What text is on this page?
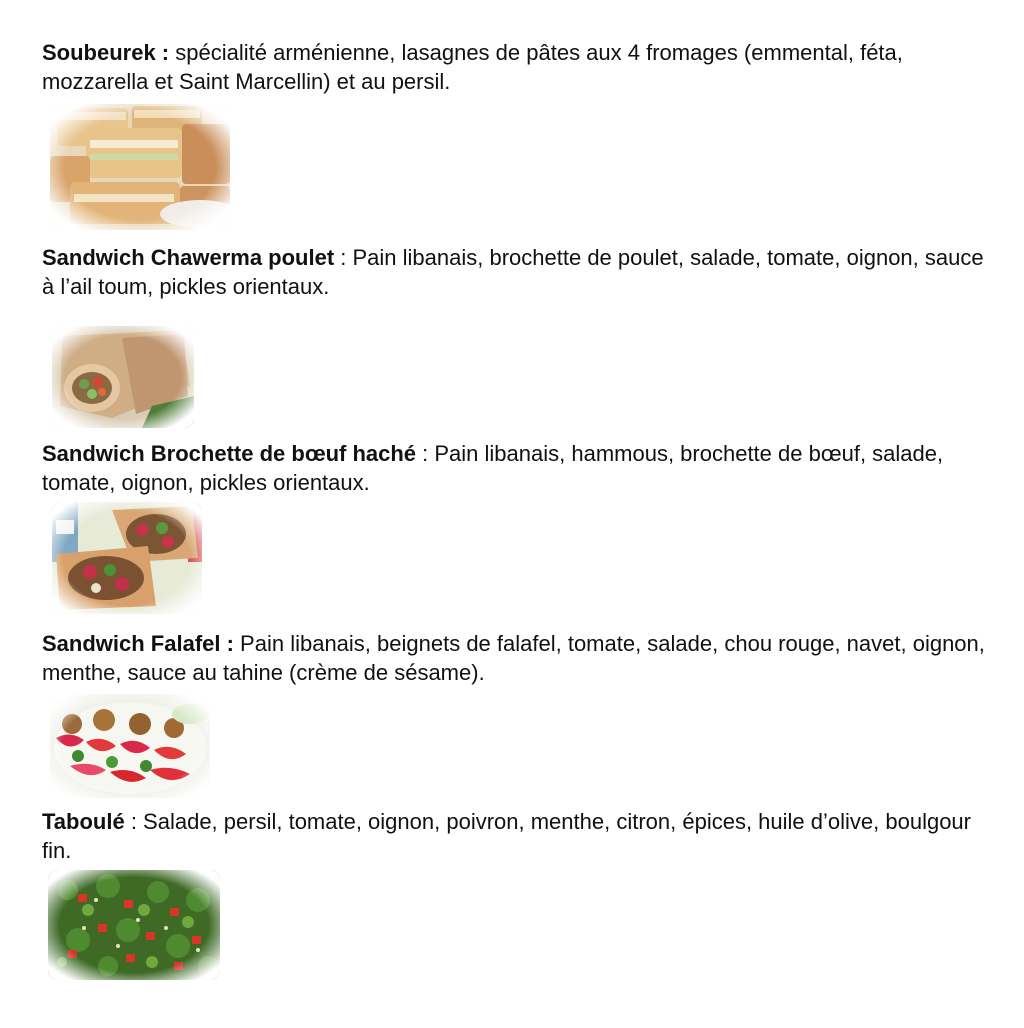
Soubeurek : spécialité arménienne, lasagnes de pâtes aux 4 fromages (emmental, féta, mozzarella et Saint Marcellin) et au persil.

Sandwich Chawerma poulet : Pain libanais, brochette de poulet, salade, tomate, oignon, sauce à l’ail toum, pickles orientaux.

Sandwich Brochette de bœuf haché : Pain libanais, hammous, brochette de bœuf, salade, tomate, oignon, pickles orientaux.

Sandwich Falafel : Pain libanais, beignets de falafel, tomate, salade, chou rouge, navet, oignon, menthe, sauce au tahine (crème de sésame).

Taboulé : Salade, persil, tomate, oignon, poivron, menthe, citron, épices, huile d’olive, boulgour fin.
